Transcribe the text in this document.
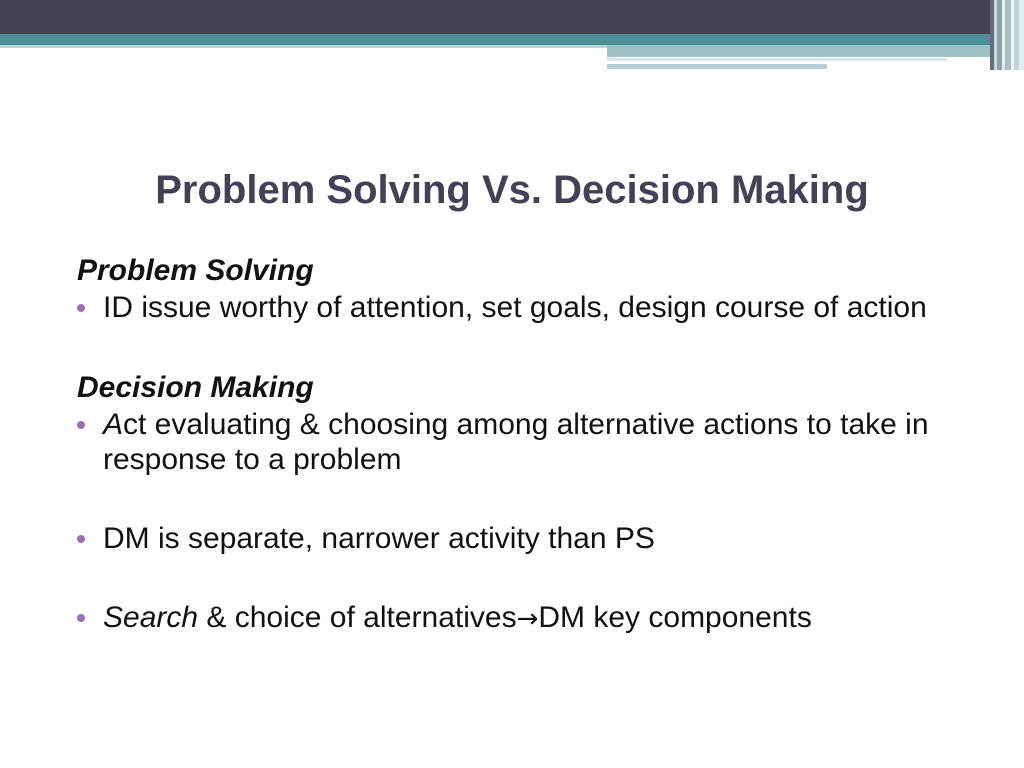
Problem Solving Vs. Decision Making

Problem Solving

ID issue worthy of attention, set goals, design course of action

Decision Making

Act evaluating & choosing among alternative actions to take in response to a problem

DM is separate, narrower activity than PS

Search & choice of alternatives→DM key components
